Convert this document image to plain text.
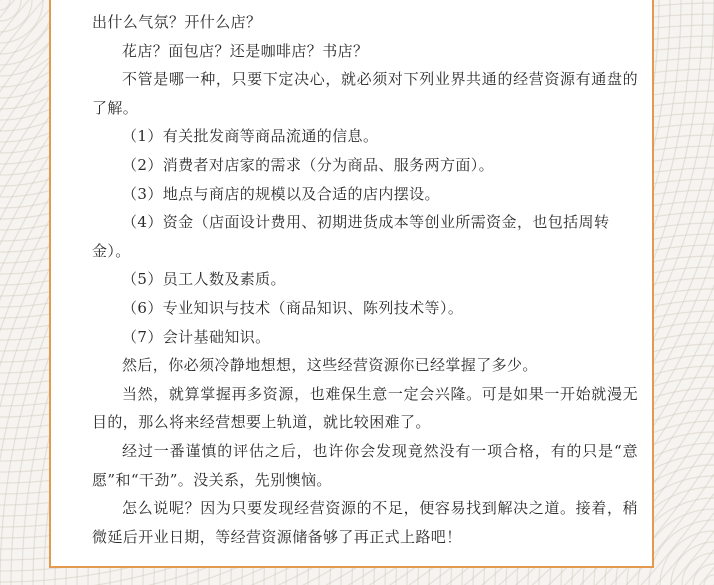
出什么气氛？开什么店？

花店？面包店？还是咖啡店？书店？

不管是哪一种，只要下定决心，就必须对下列业界共通的经营资源有通盘的了解。

（1）有关批发商等商品流通的信息。

（2）消费者对店家的需求（分为商品、服务两方面）。

（3）地点与商店的规模以及合适的店内摆设。

（4）资金（店面设计费用、初期进货成本等创业所需资金，也包括周转金）。

（5）员工人数及素质。

（6）专业知识与技术（商品知识、陈列技术等）。

（7）会计基础知识。

然后，你必须冷静地想想，这些经营资源你已经掌握了多少。

当然，就算掌握再多资源，也难保生意一定会兴隆。可是如果一开始就漫无目的，那么将来经营想要上轨道，就比较困难了。

经过一番谨慎的评估之后，也许你会发现竟然没有一项合格，有的只是“意愿”和“干劲”。没关系，先别懊恼。

怎么说呢？因为只要发现经营资源的不足，便容易找到解决之道。接着，稍微延后开业日期，等经营资源储备够了再正式上路吧！
